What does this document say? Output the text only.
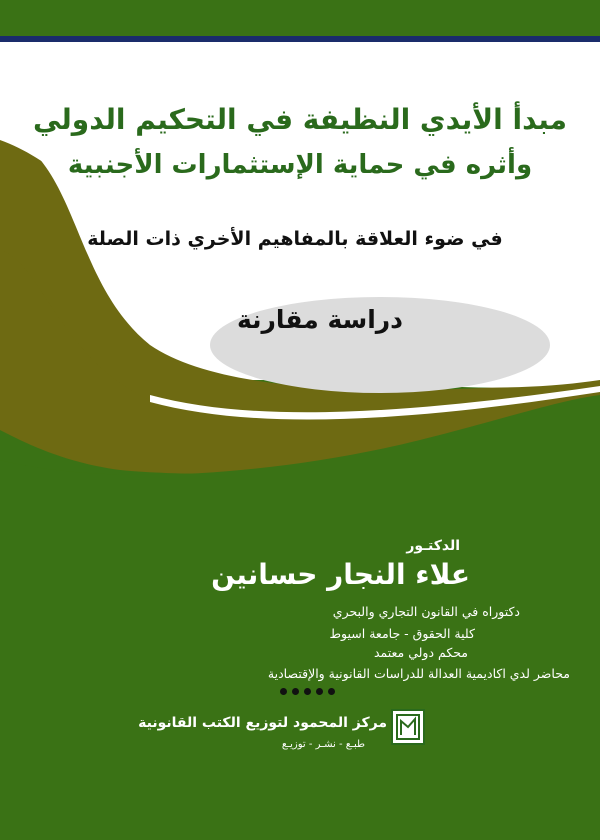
مبدأ الأيدي النظيفة في التحكيم الدولي
وأثره في حماية الإستثمارات الأجنبية
في ضوء العلاقة بالمفاهيم الأخري ذات الصلة
دراسة مقارنة
الدكتـور
علاء النجار حسانين
دكتوراه في القانون التجاري والبحري
كلية الحقوق - جامعة اسيوط
محكم دولي معتمد
محاضر لدي اكاديمية العدالة للدراسات القانونية والإقتصادية
مركز المحمود لتوزيع الكتب القانونية
طبـع - نشـر - توزيـع
